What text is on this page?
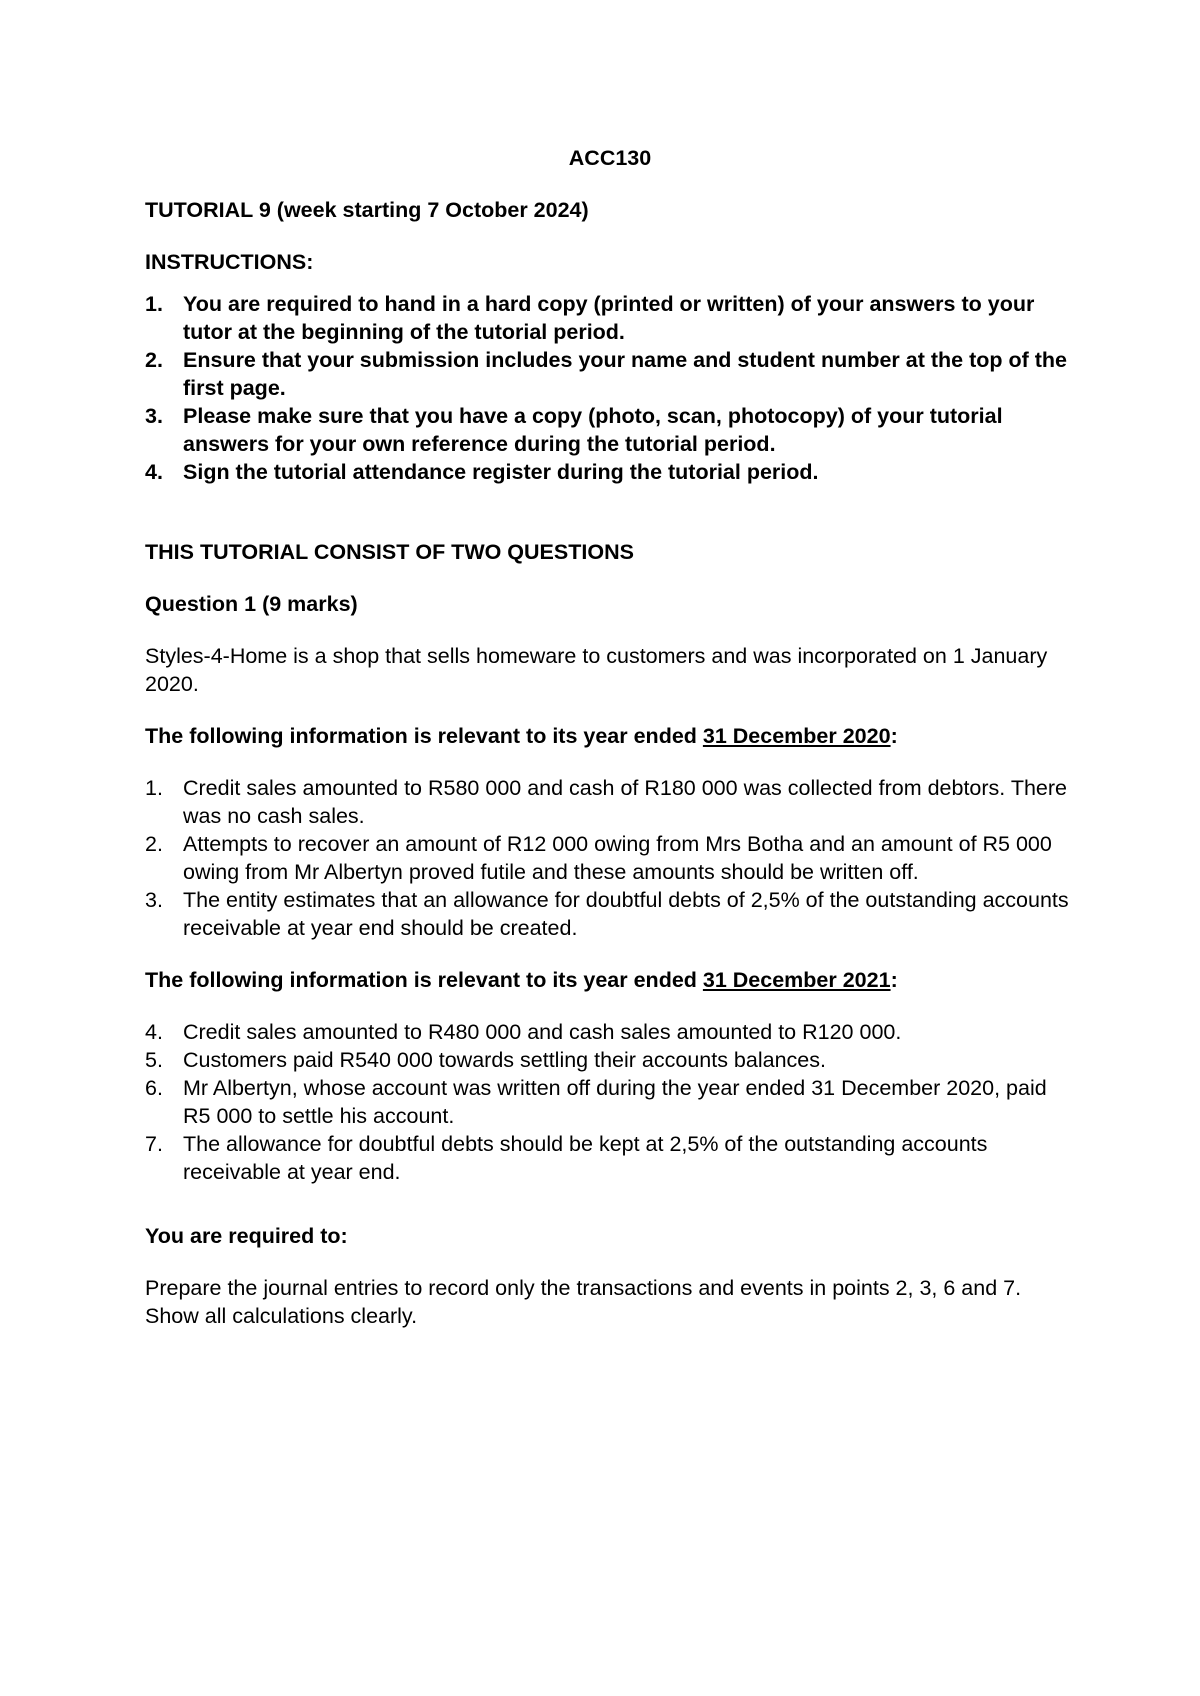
ACC130
TUTORIAL 9 (week starting 7 October 2024)
INSTRUCTIONS:
1. You are required to hand in a hard copy (printed or written) of your answers to your tutor at the beginning of the tutorial period.
2. Ensure that your submission includes your name and student number at the top of the first page.
3. Please make sure that you have a copy (photo, scan, photocopy) of your tutorial answers for your own reference during the tutorial period.
4. Sign the tutorial attendance register during the tutorial period.
THIS TUTORIAL CONSIST OF TWO QUESTIONS
Question 1 (9 marks)
Styles-4-Home is a shop that sells homeware to customers and was incorporated on 1 January 2020.
The following information is relevant to its year ended 31 December 2020:
1. Credit sales amounted to R580 000 and cash of R180 000 was collected from debtors. There was no cash sales.
2. Attempts to recover an amount of R12 000 owing from Mrs Botha and an amount of R5 000 owing from Mr Albertyn proved futile and these amounts should be written off.
3. The entity estimates that an allowance for doubtful debts of 2,5% of the outstanding accounts receivable at year end should be created.
The following information is relevant to its year ended 31 December 2021:
4. Credit sales amounted to R480 000 and cash sales amounted to R120 000.
5. Customers paid R540 000 towards settling their accounts balances.
6. Mr Albertyn, whose account was written off during the year ended 31 December 2020, paid R5 000 to settle his account.
7. The allowance for doubtful debts should be kept at 2,5% of the outstanding accounts receivable at year end.
You are required to:
Prepare the journal entries to record only the transactions and events in points 2, 3, 6 and 7. Show all calculations clearly.
